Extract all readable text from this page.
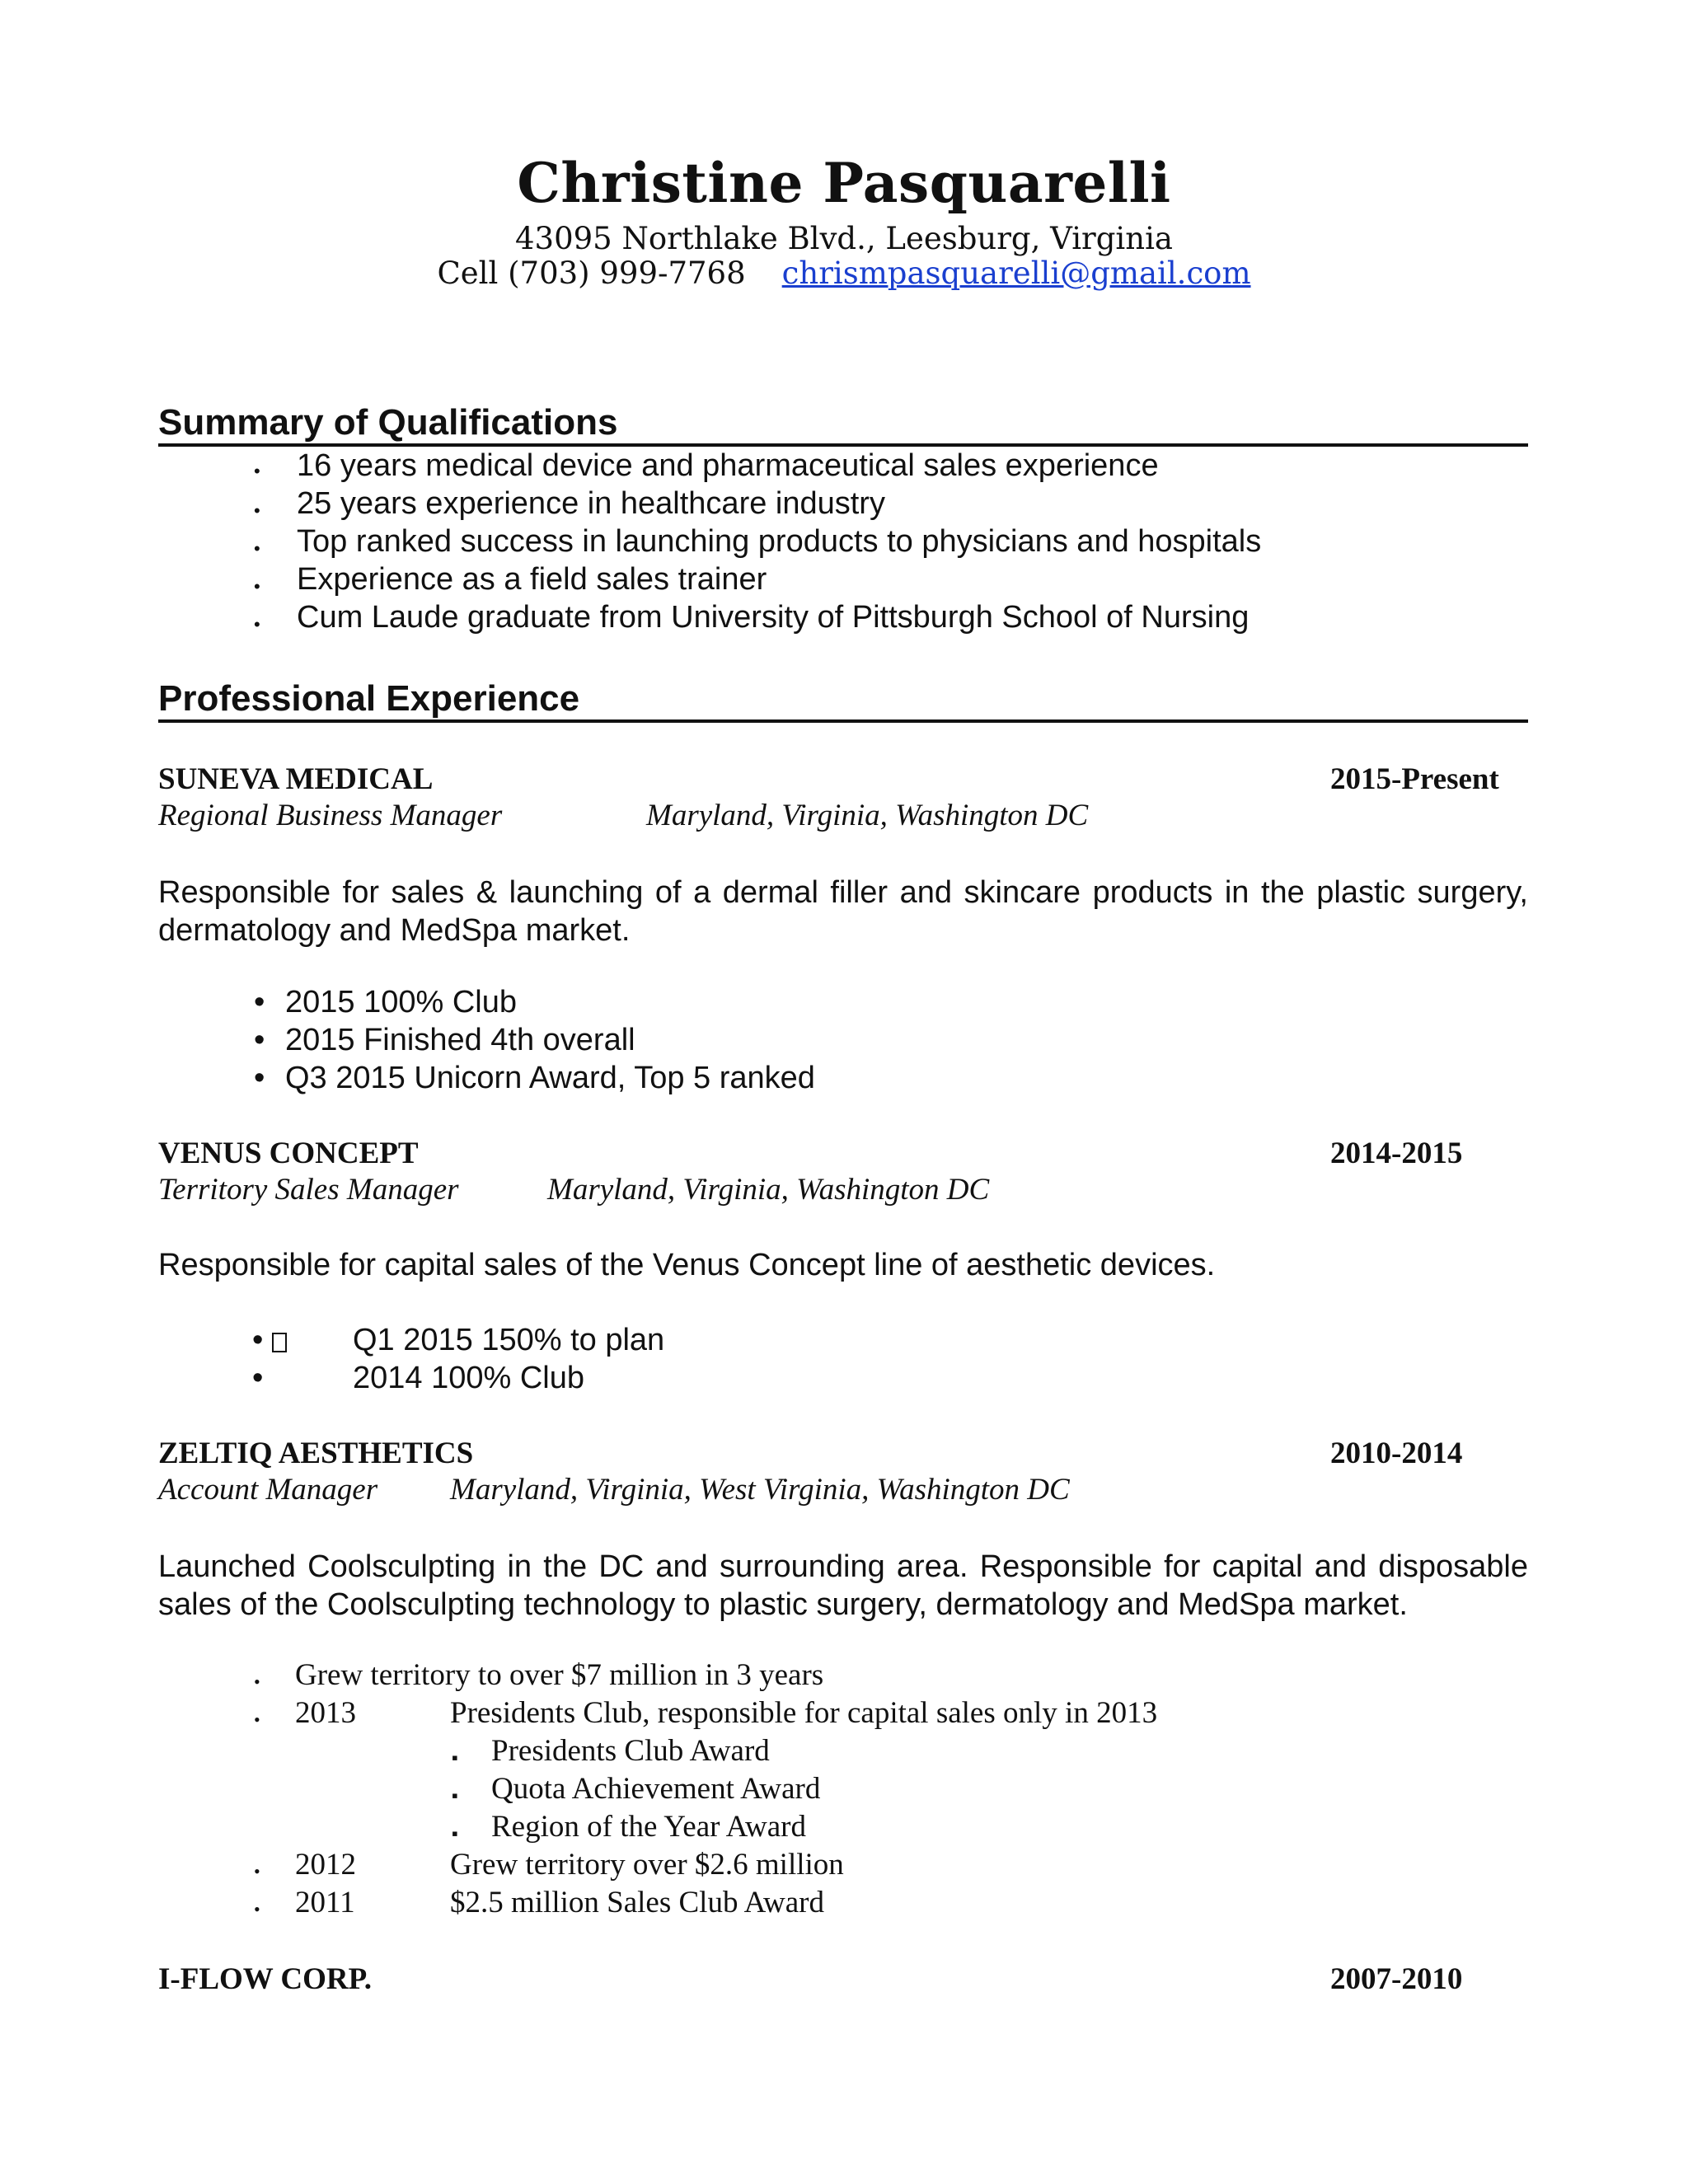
Christine Pasquarelli
43095 Northlake Blvd., Leesburg, Virginia
Cell (703) 999-7768 chrismpasquarelli@gmail.com
Summary of Qualifications
• 16 years medical device and pharmaceutical sales experience
• 25 years experience in healthcare industry
• Top ranked success in launching products to physicians and hospitals
• Experience as a field sales trainer
• Cum Laude graduate from University of Pittsburgh School of Nursing
Professional Experience
SUNEVA MEDICAL	2015-Present
Regional Business Manager	Maryland, Virginia, Washington DC
Responsible for sales & launching of a dermal filler and skincare products in the plastic surgery,
dermatology and MedSpa market.
• 2015 100% Club
• 2015 Finished 4th overall
• Q3 2015 Unicorn Award, Top 5 ranked
VENUS CONCEPT	2014-2015
Territory Sales Manager	Maryland, Virginia, Washington DC
Responsible for capital sales of the Venus Concept line of aesthetic devices.
•	Q1 2015 150% to plan
•	2014 100% Club
ZELTIQ AESTHETICS	2010-2014
Account Manager Maryland, Virginia, West Virginia, Washington DC
Launched Coolsculpting in the DC and surrounding area. Responsible for capital and disposable
sales of the Coolsculpting technology to plastic surgery, dermatology and MedSpa market.
• Grew territory to over $7 million in 3 years
• 2013	Presidents Club, responsible for capital sales only in 2013
▪ Presidents Club Award
▪ Quota Achievement Award
▪ Region of the Year Award
• 2012	Grew territory over $2.6 million
• 2011	$2.5 million Sales Club Award
I-FLOW CORP.	2007-2010
